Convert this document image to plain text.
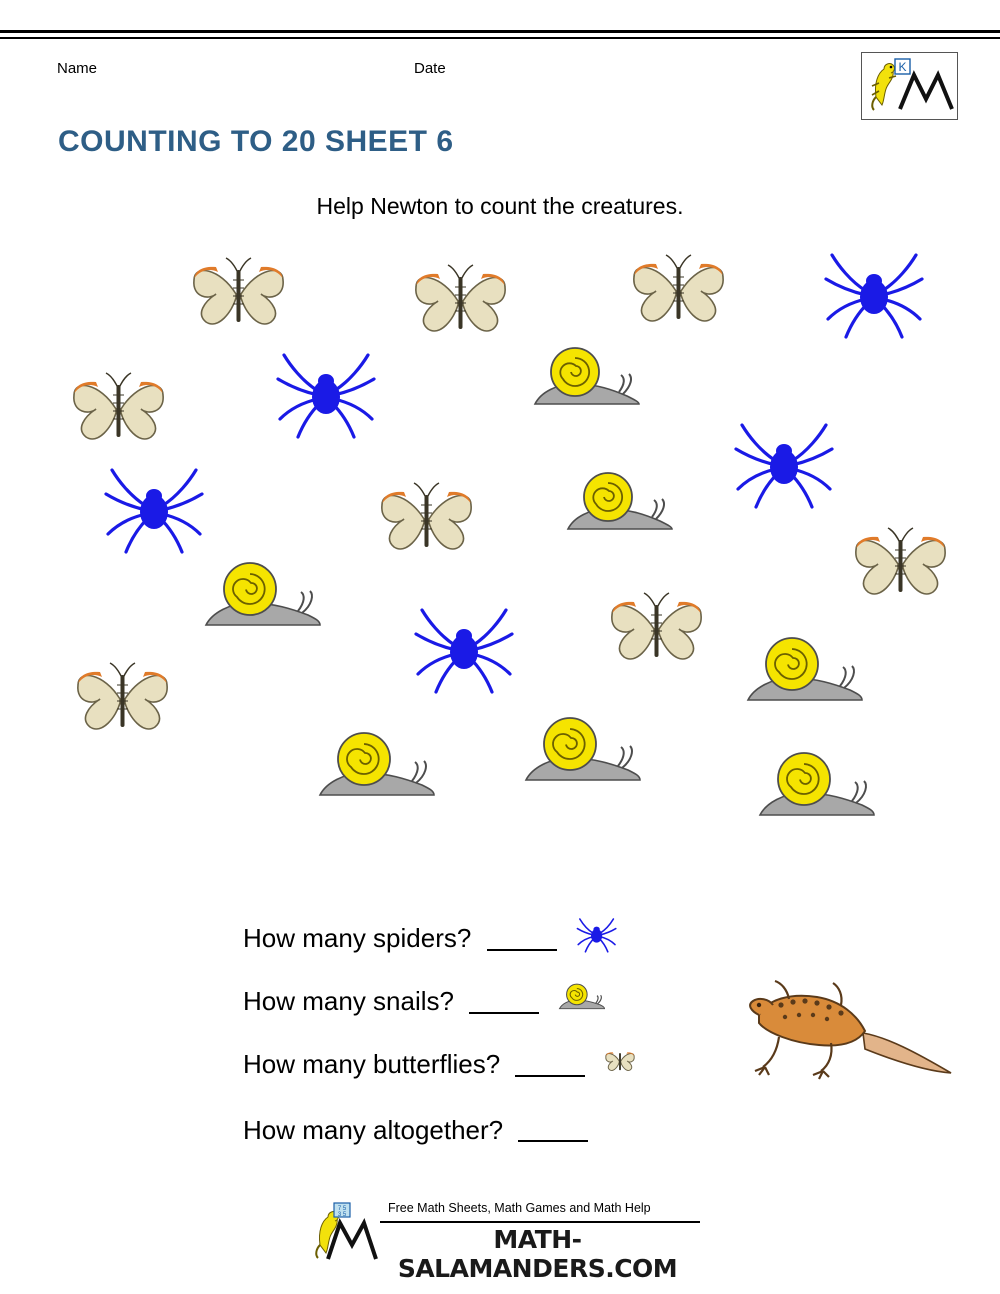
Name	Date	K
COUNTING TO 20 SHEET 6
Help Newton to count the creatures.
How many spiders?
How many snails?
How many butterflies?
How many altogether?
7 5
3 5	Free Math Sheets, Math Games and Math Help
MATH-SALAMANDERS.COM
